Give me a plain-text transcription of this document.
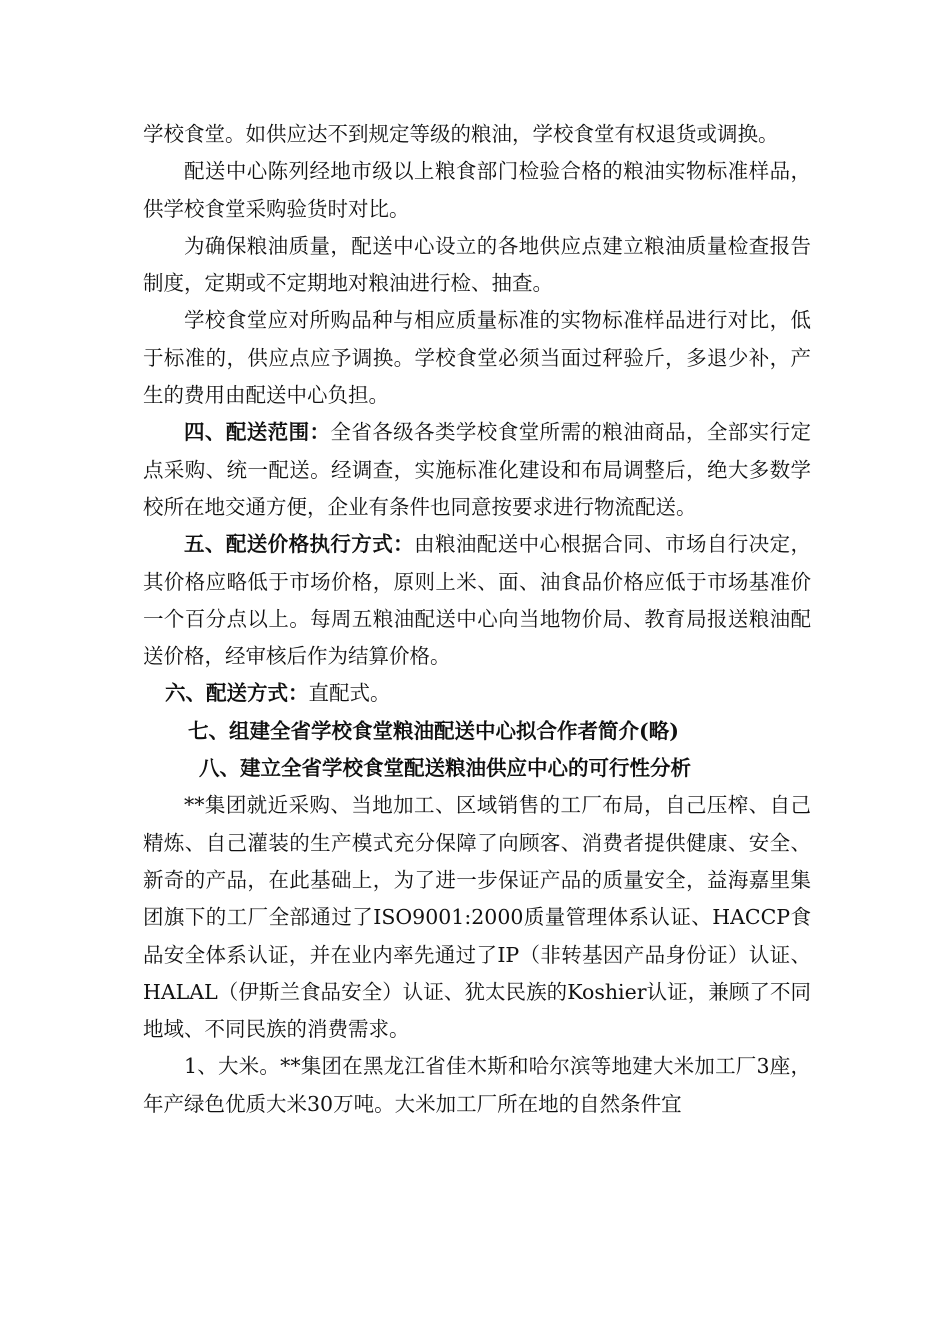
学校食堂。如供应达不到规定等级的粮油，学校食堂有权退货或调换。

配送中心陈列经地市级以上粮食部门检验合格的粮油实物标准样品，供学校食堂采购验货时对比。

为确保粮油质量，配送中心设立的各地供应点建立粮油质量检查报告制度，定期或不定期地对粮油进行检、抽查。

学校食堂应对所购品种与相应质量标准的实物标准样品进行对比，低于标准的，供应点应予调换。学校食堂必须当面过秤验斤，多退少补，产生的费用由配送中心负担。

四、配送范围：全省各级各类学校食堂所需的粮油商品，全部实行定点采购、统一配送。经调查，实施标准化建设和布局调整后，绝大多数学校所在地交通方便，企业有条件也同意按要求进行物流配送。

五、配送价格执行方式：由粮油配送中心根据合同、市场自行决定，其价格应略低于市场价格，原则上米、面、油食品价格应低于市场基准价一个百分点以上。每周五粮油配送中心向当地物价局、教育局报送粮油配送价格，经审核后作为结算价格。

六、配送方式：直配式。

七、组建全省学校食堂粮油配送中心拟合作者简介(略)

八、建立全省学校食堂配送粮油供应中心的可行性分析

**集团就近采购、当地加工、区域销售的工厂布局，自己压榨、自己精炼、自己灌装的生产模式充分保障了向顾客、消费者提供健康、安全、新奇的产品，在此基础上，为了进一步保证产品的质量安全，益海嘉里集团旗下的工厂全部通过了ISO9001:2000质量管理体系认证、HACCP食品安全体系认证，并在业内率先通过了IP（非转基因产品身份证）认证、HALAL（伊斯兰食品安全）认证、犹太民族的Koshier认证，兼顾了不同地域、不同民族的消费需求。

1、大米。**集团在黑龙江省佳木斯和哈尔滨等地建大米加工厂3座，年产绿色优质大米30万吨。大米加工厂所在地的自然条件宜
